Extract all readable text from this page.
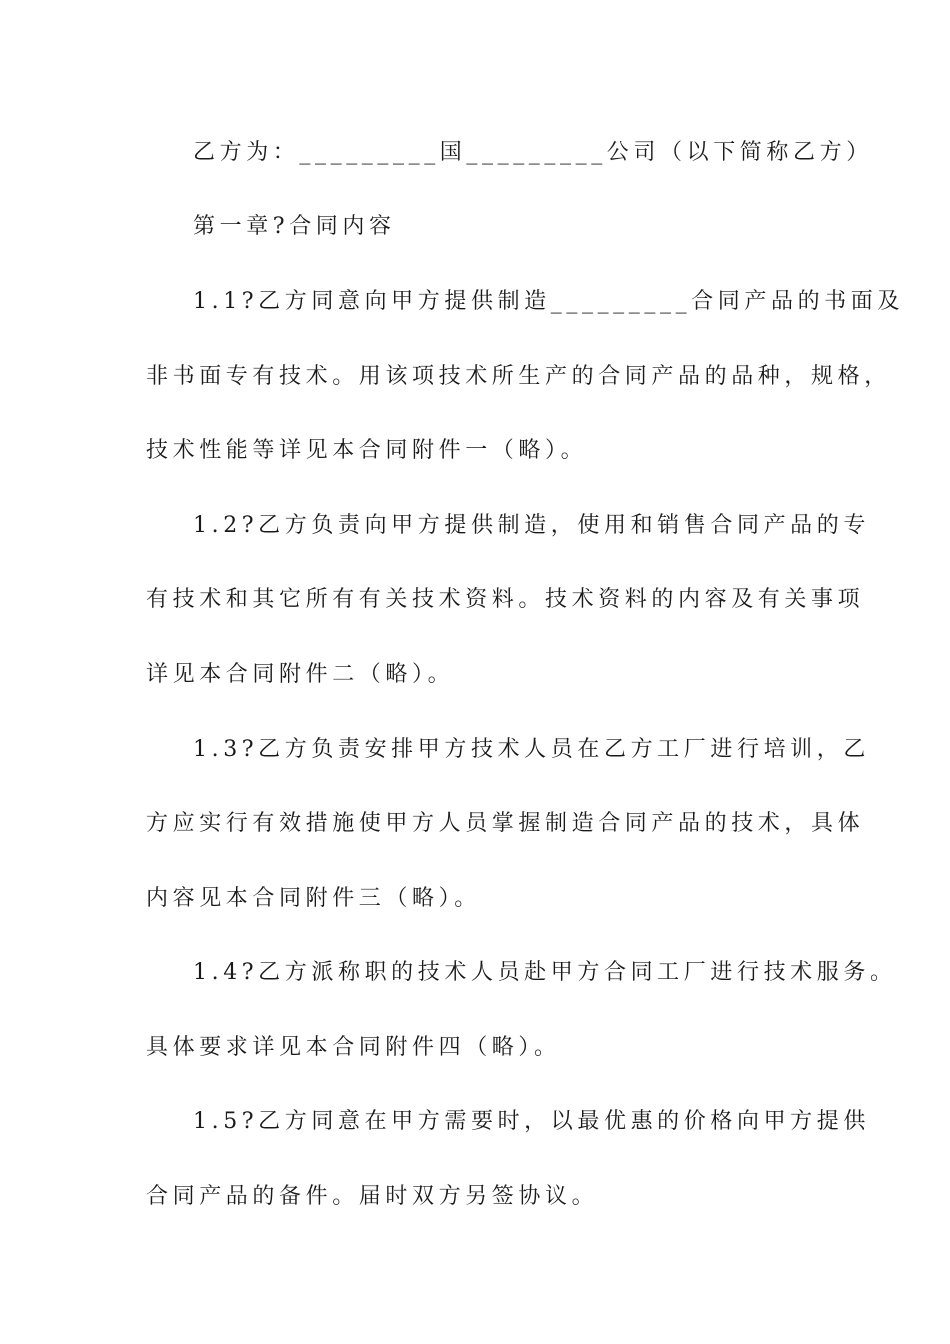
乙方为：_________国_________公司（以下简称乙方）

第一章?合同内容

1.1?乙方同意向甲方提供制造_________合同产品的书面及

非书面专有技术。用该项技术所生产的合同产品的品种，规格，

技术性能等详见本合同附件一（略）。

1.2?乙方负责向甲方提供制造，使用和销售合同产品的专

有技术和其它所有有关技术资料。技术资料的内容及有关事项

详见本合同附件二（略）。

1.3?乙方负责安排甲方技术人员在乙方工厂进行培训，乙

方应实行有效措施使甲方人员掌握制造合同产品的技术，具体

内容见本合同附件三（略）。

1.4?乙方派称职的技术人员赴甲方合同工厂进行技术服务。

具体要求详见本合同附件四（略）。

1.5?乙方同意在甲方需要时，以最优惠的价格向甲方提供

合同产品的备件。届时双方另签协议。
